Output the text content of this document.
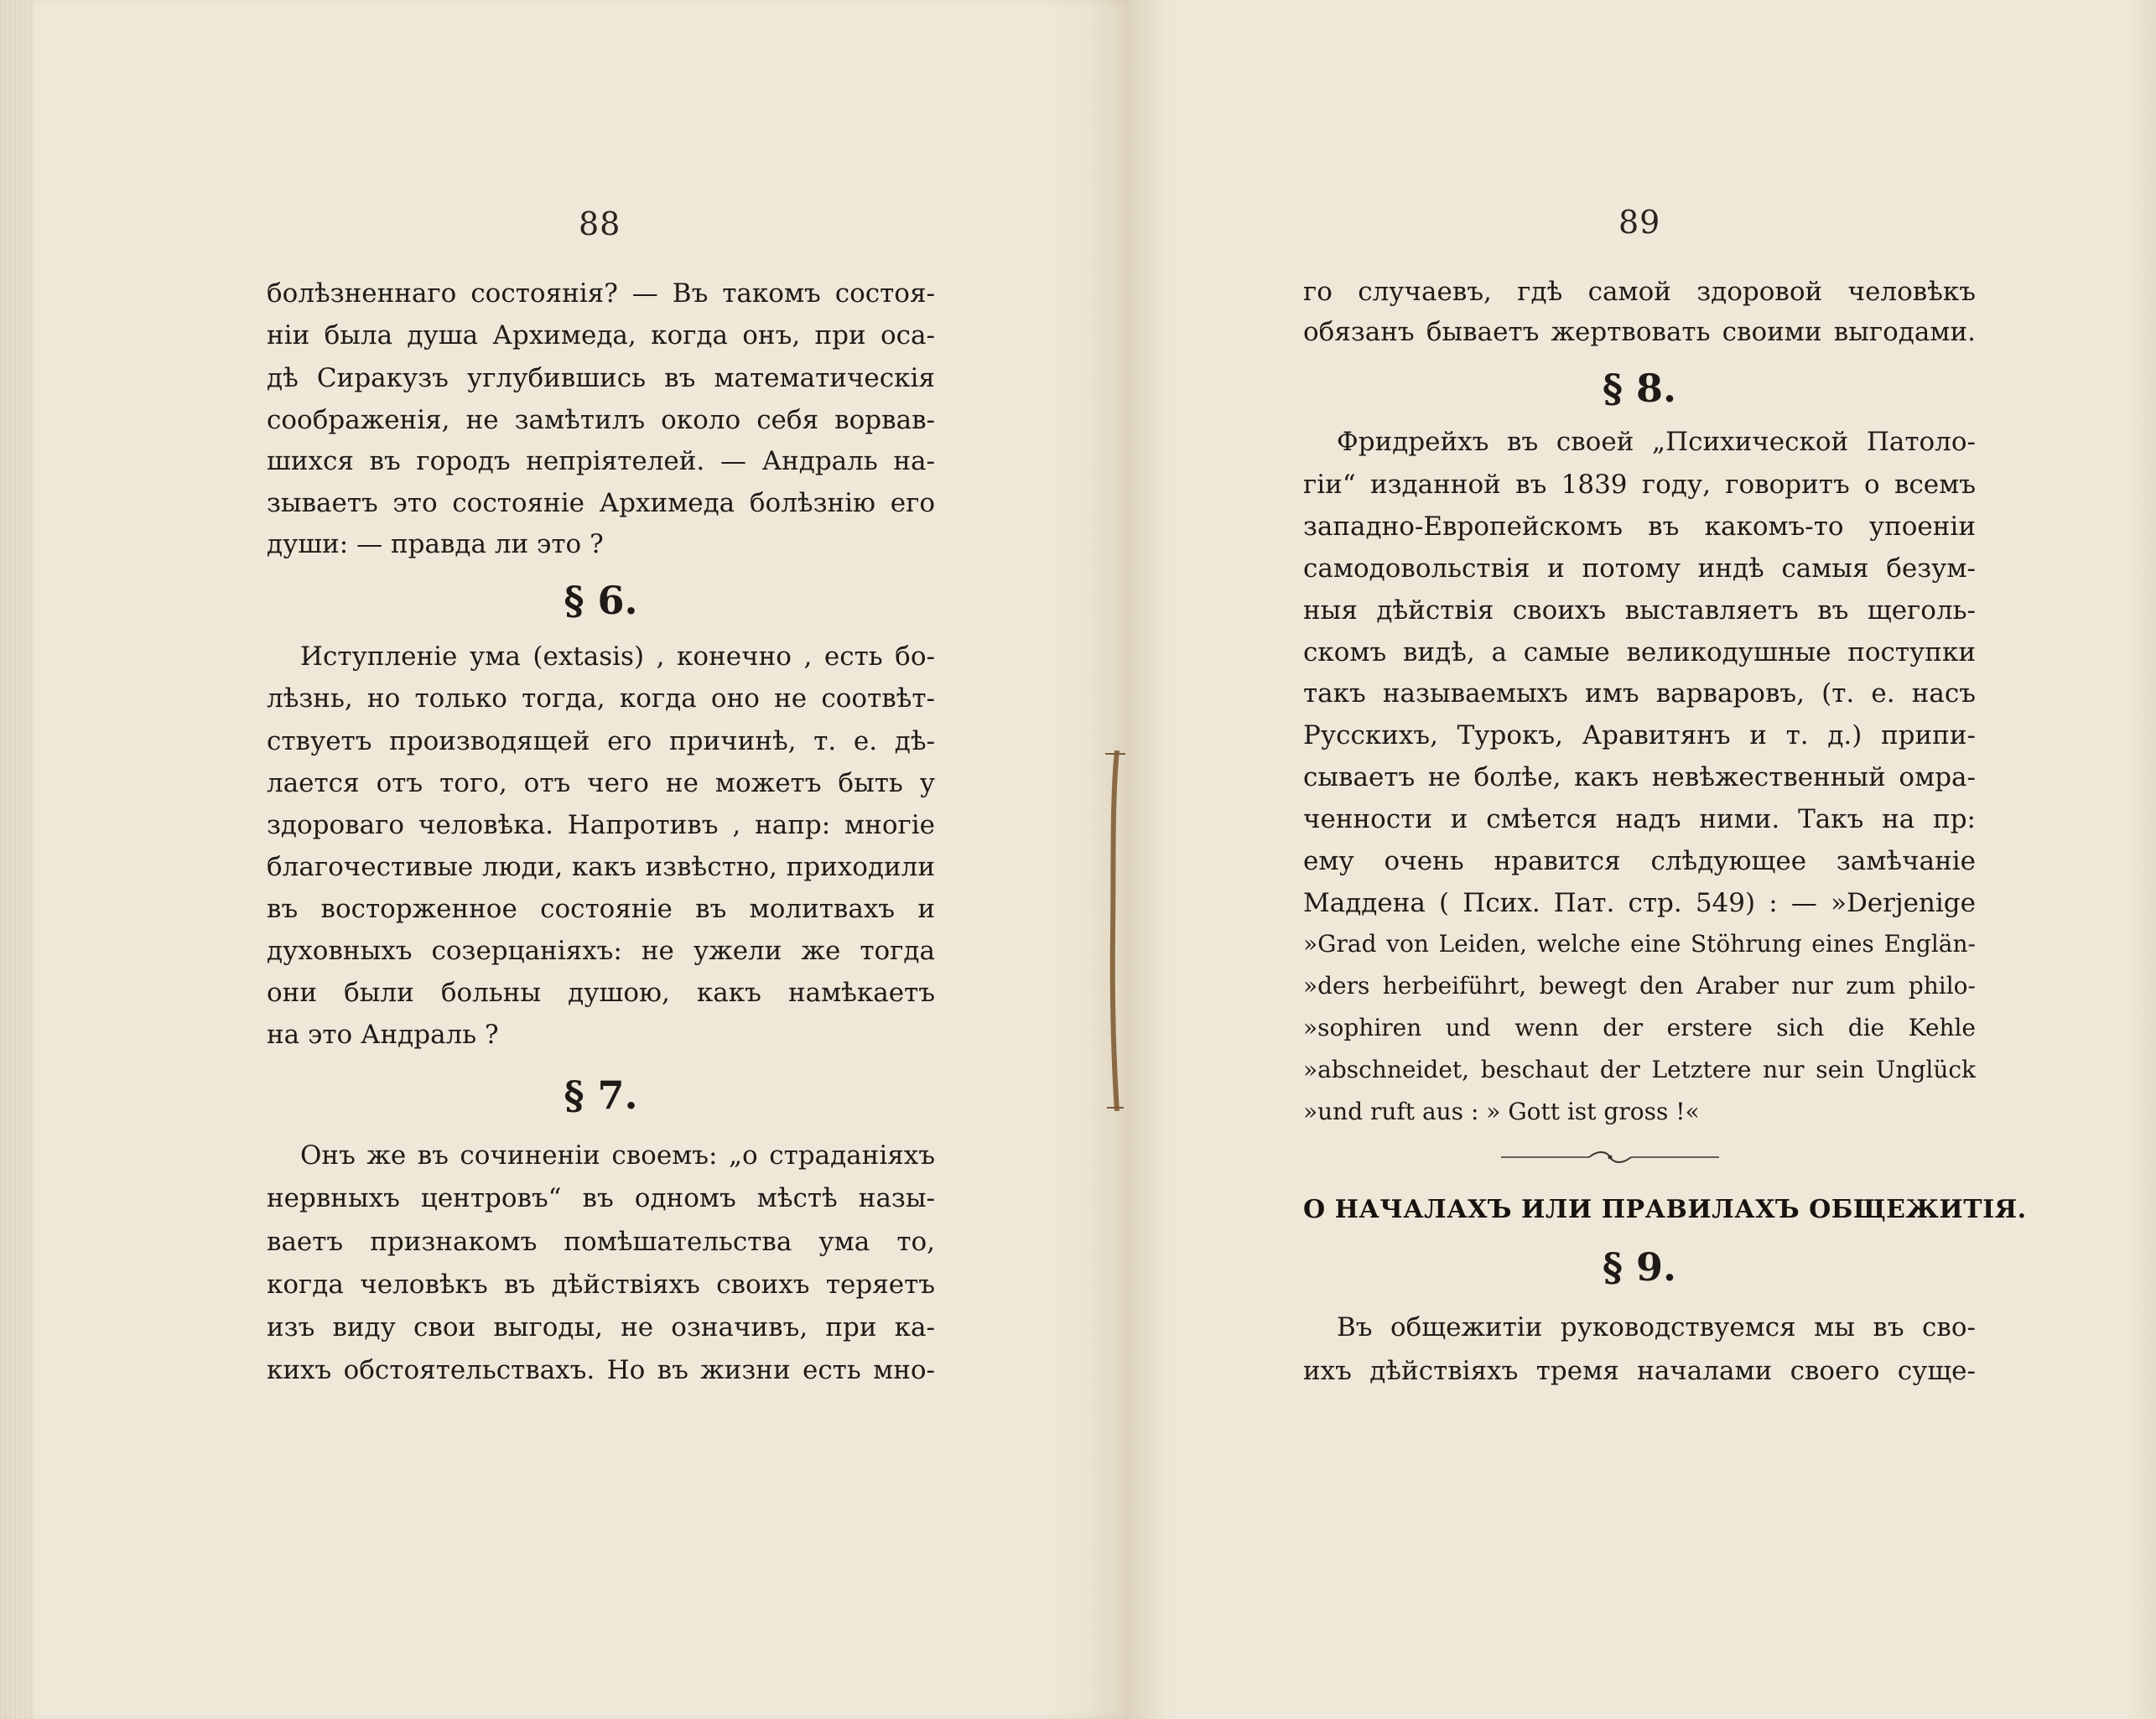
88
болѣзненнаго состоянія? — Въ такомъ состоя-
ніи была душа Архимеда, когда онъ, при оса-
дѣ Сиракузъ углубившись въ математическія
соображенія, не замѣтилъ около себя ворвав-
шихся въ городъ непріятелей. — Андраль на-
зываетъ это состояніе Архимеда болѣзнію его
души: — правда ли это ?
§ 6.
Иступленіе ума (extasis) , конечно , есть бо-
лѣзнь, но только тогда, когда оно не соотвѣт-
ствуетъ производящей его причинѣ, т. е. дѣ-
лается отъ того, отъ чего не можетъ быть у
здороваго человѣка. Напротивъ , напр: многіе
благочестивые люди, какъ извѣстно, приходили
въ восторженное состояніе въ молитвахъ и
духовныхъ созерцаніяхъ: не ужели же тогда
они были больны душою, какъ намѣкаетъ
на это Андраль ?
§ 7.
Онъ же въ сочиненіи своемъ: „о страданіяхъ
нервныхъ центровъ“ въ одномъ мѣстѣ назы-
ваетъ признакомъ помѣшательства ума то,
когда человѣкъ въ дѣйствіяхъ своихъ теряетъ
изъ виду свои выгоды, не означивъ, при ка-
кихъ обстоятельствахъ. Но въ жизни есть мно-
89
го случаевъ, гдѣ самой здоровой человѣкъ
обязанъ бываетъ жертвовать своими выгодами.
§ 8.
Фридрейхъ въ своей „Психической Патоло-
гіи“ изданной въ 1839 году, говоритъ о всемъ
западно-Европейскомъ въ какомъ-то упоеніи
самодовольствія и потому индѣ самыя безум-
ныя дѣйствія своихъ выставляетъ въ щеголь-
скомъ видѣ, а самые великодушные поступки
такъ называемыхъ имъ варваровъ, (т. е. насъ
Русскихъ, Турокъ, Аравитянъ и т. д.) припи-
сываетъ не болѣе, какъ невѣжественный омра-
ченности и смѣется надъ ними. Такъ на пр:
ему очень нравится слѣдующее замѣчаніе
Маддена ( Псих. Пат. стр. 549) : — »Derjenige
»Grad von Leiden, welche eine Stöhrung eines Englän-
»ders herbeiführt, bewegt den Araber nur zum philo-
»sophiren und wenn der erstere sich die Kehle
»abschneidet, beschaut der Letztere nur sein Unglück
»und ruft aus : » Gott ist gross !«
О НАЧАЛАХЪ ИЛИ ПРАВИЛАХЪ ОБЩЕЖИТІЯ.
§ 9.
Въ общежитіи руководствуемся мы въ сво-
ихъ дѣйствіяхъ тремя началами своего суще-
